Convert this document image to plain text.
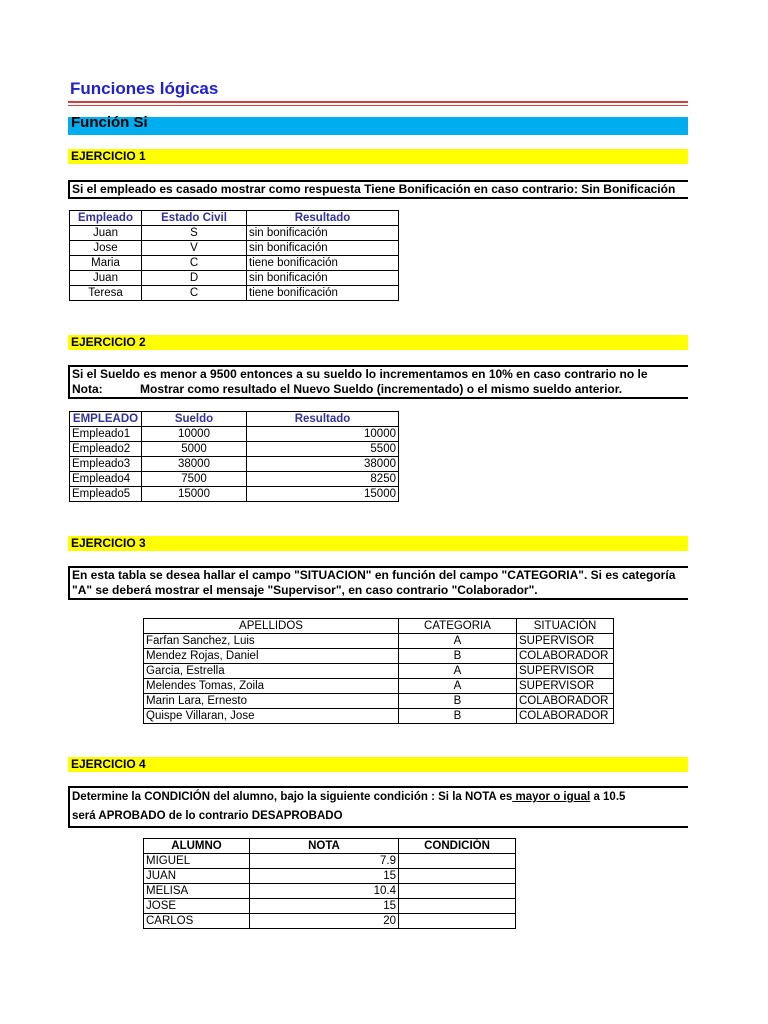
Funciones lógicas
Función Si
EJERCICIO 1
Si el empleado es casado mostrar como respuesta Tiene Bonificación en caso contrario: Sin Bonificación
Empleado	Estado Civil	Resultado
Juan	S	sin bonificación
Jose	V	sin bonificación
Maria	C	tiene bonificación
Juan	D	sin bonificación
Teresa	C	tiene bonificación
EJERCICIO 2
Si el Sueldo es menor a 9500 entonces a su sueldo lo incrementamos en 10% en caso contrario no le
Nota:	Mostrar como resultado el Nuevo Sueldo (incrementado) o el mismo sueldo anterior.
EMPLEADO	Sueldo	Resultado
Empleado1	10000	10000
Empleado2	5000	5500
Empleado3	38000	38000
Empleado4	7500	8250
Empleado5	15000	15000
EJERCICIO 3
En esta tabla se desea hallar el campo "SITUACION" en función del campo "CATEGORIA". Si es categoría
"A" se deberá mostrar el mensaje "Supervisor", en caso contrario "Colaborador".
APELLIDOS	CATEGORIA	SITUACIÓN
Farfan Sanchez, Luis	A	SUPERVISOR
Mendez Rojas, Daniel	B	COLABORADOR
Garcia, Estrella	A	SUPERVISOR
Melendes Tomas, Zoila	A	SUPERVISOR
Marin Lara, Ernesto	B	COLABORADOR
Quispe Villaran, Jose	B	COLABORADOR
EJERCICIO 4
Determine la CONDICIÓN del alumno, bajo la siguiente condición : Si la NOTA es mayor o igual a 10.5
será APROBADO de lo contrario DESAPROBADO
ALUMNO	NOTA	CONDICIÓN
MIGUEL	7.9	
JUAN	15	
MELISA	10.4	
JOSE	15	
CARLOS	20	
